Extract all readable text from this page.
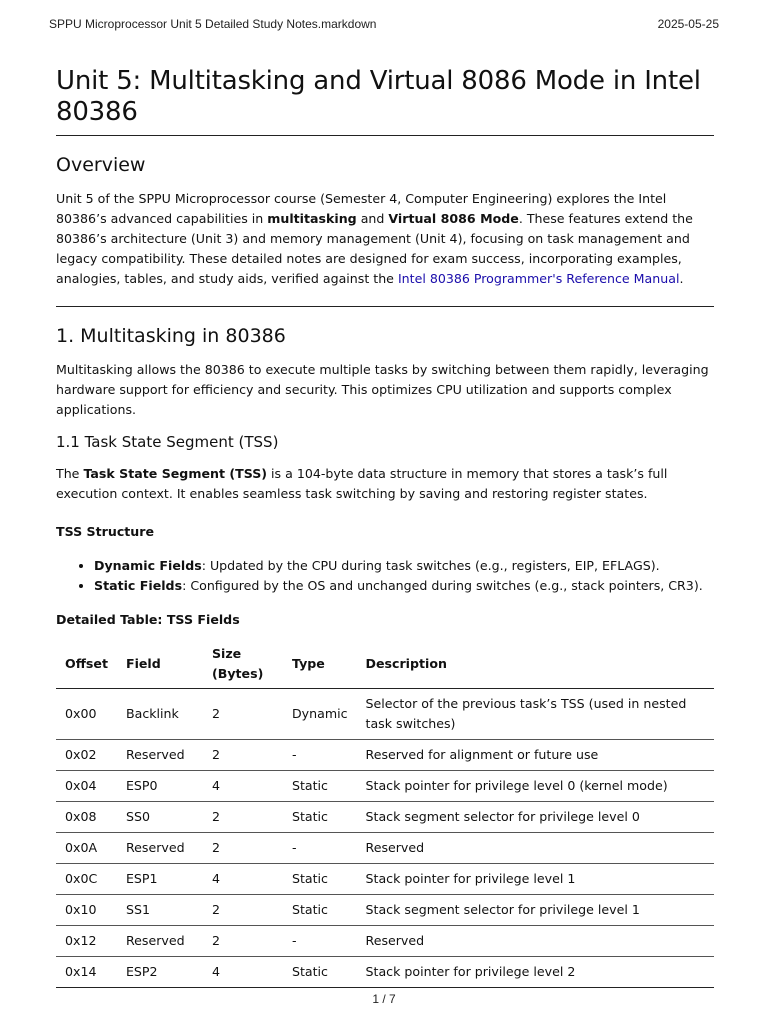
SPPU Microprocessor Unit 5 Detailed Study Notes.markdown	2025-05-25
Unit 5: Multitasking and Virtual 8086 Mode in Intel 80386
Overview

Unit 5 of the SPPU Microprocessor course (Semester 4, Computer Engineering) explores the Intel 80386’s advanced capabilities in multitasking and Virtual 8086 Mode. These features extend the 80386’s architecture (Unit 3) and memory management (Unit 4), focusing on task management and legacy compatibility. These detailed notes are designed for exam success, incorporating examples, analogies, tables, and study aids, verified against the Intel 80386 Programmer's Reference Manual.

1. Multitasking in 80386

Multitasking allows the 80386 to execute multiple tasks by switching between them rapidly, leveraging hardware support for efficiency and security. This optimizes CPU utilization and supports complex applications.

1.1 Task State Segment (TSS)

The Task State Segment (TSS) is a 104-byte data structure in memory that stores a task’s full execution context. It enables seamless task switching by saving and restoring register states.

TSS Structure
• Dynamic Fields: Updated by the CPU during task switches (e.g., registers, EIP, EFLAGS).
• Static Fields: Configured by the OS and unchanged during switches (e.g., stack pointers, CR3).
Detailed Table: TSS Fields
Offset	Field	Size (Bytes)	Type	Description
0x00	Backlink	2	Dynamic	Selector of the previous task’s TSS (used in nested task switches)
0x02	Reserved	2	-	Reserved for alignment or future use
0x04	ESP0	4	Static	Stack pointer for privilege level 0 (kernel mode)
0x08	SS0	2	Static	Stack segment selector for privilege level 0
0x0A	Reserved	2	-	Reserved
0x0C	ESP1	4	Static	Stack pointer for privilege level 1
0x10	SS1	2	Static	Stack segment selector for privilege level 1
0x12	Reserved	2	-	Reserved
0x14	ESP2	4	Static	Stack pointer for privilege level 2
1 / 7
